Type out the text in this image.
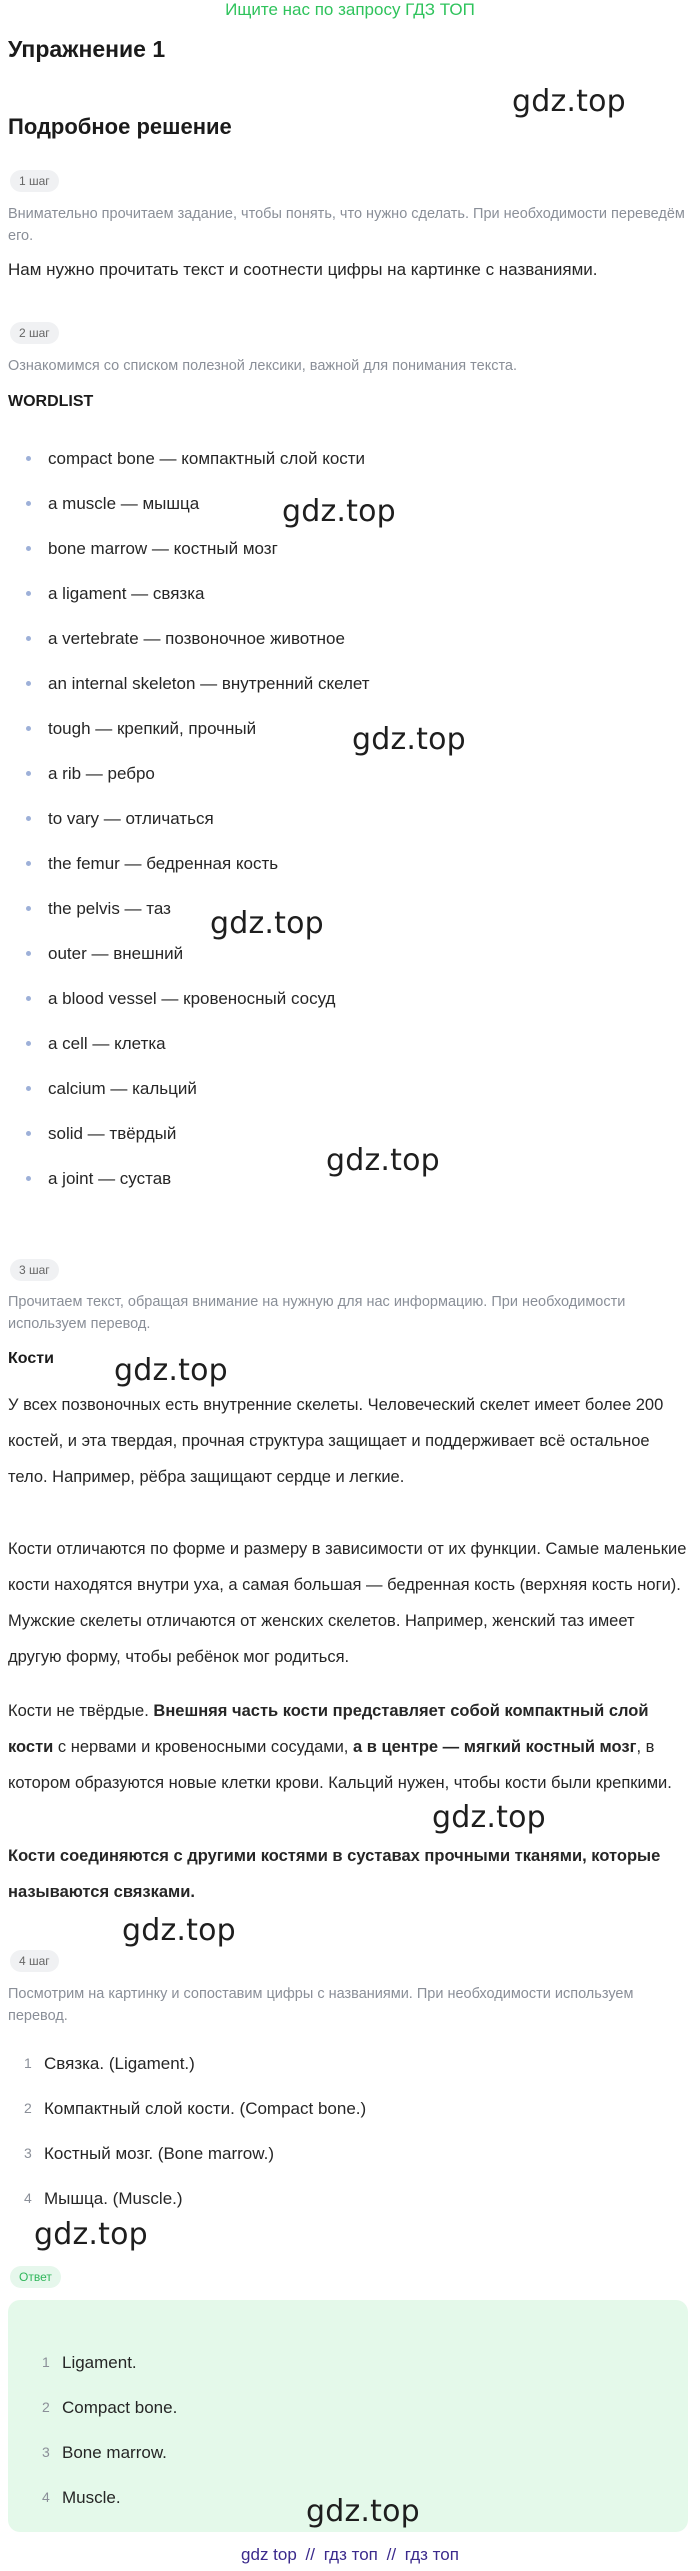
Ищите нас по запросу ГДЗ ТОП
Упражнение 1
Подробное решение
1 шаг
Внимательно прочитаем задание, чтобы понять, что нужно сделать. При необходимости переведём его.
Нам нужно прочитать текст и соотнести цифры на картинке с названиями.
2 шаг
Ознакомимся со списком полезной лексики, важной для понимания текста.
WORDLIST
compact bone — компактный слой кости
a muscle — мышца
bone marrow — костный мозг
a ligament — связка
a vertebrate — позвоночное животное
an internal skeleton — внутренний скелет
tough — крепкий, прочный
a rib — ребро
to vary — отличаться
the femur — бедренная кость
the pelvis — таз
outer — внешний
a blood vessel — кровеносный сосуд
a cell — клетка
calcium — кальций
solid — твёрдый
a joint — сустав
3 шаг
Прочитаем текст, обращая внимание на нужную для нас информацию. При необходимости используем перевод.
Кости
У всех позвоночных есть внутренние скелеты. Человеческий скелет имеет более 200 костей, и эта твердая, прочная структура защищает и поддерживает всё остальное тело. Например, рёбра защищают сердце и легкие.
Кости отличаются по форме и размеру в зависимости от их функции. Самые маленькие кости находятся внутри уха, а самая большая — бедренная кость (верхняя кость ноги). Мужские скелеты отличаются от женских скелетов. Например, женский таз имеет другую форму, чтобы ребёнок мог родиться.
Кости не твёрдые. Внешняя часть кости представляет собой компактный слой кости с нервами и кровеносными сосудами, а в центре — мягкий костный мозг, в котором образуются новые клетки крови. Кальций нужен, чтобы кости были крепкими.
Кости соединяются с другими костями в суставах прочными тканями, которые называются связками.
4 шаг
Посмотрим на картинку и сопоставим цифры с названиями. При необходимости используем перевод.
1 Связка. (Ligament.)
2 Компактный слой кости. (Compact bone.)
3 Костный мозг. (Bone marrow.)
4 Мышца. (Muscle.)
Ответ
1 Ligament.
2 Compact bone.
3 Bone marrow.
4 Muscle.
gdz.top
gdz.top
gdz.top
gdz.top
gdz.top
gdz.top
gdz.top
gdz.top
gdz.top
gdz.top
gdz top // гдз топ // гдз топ
